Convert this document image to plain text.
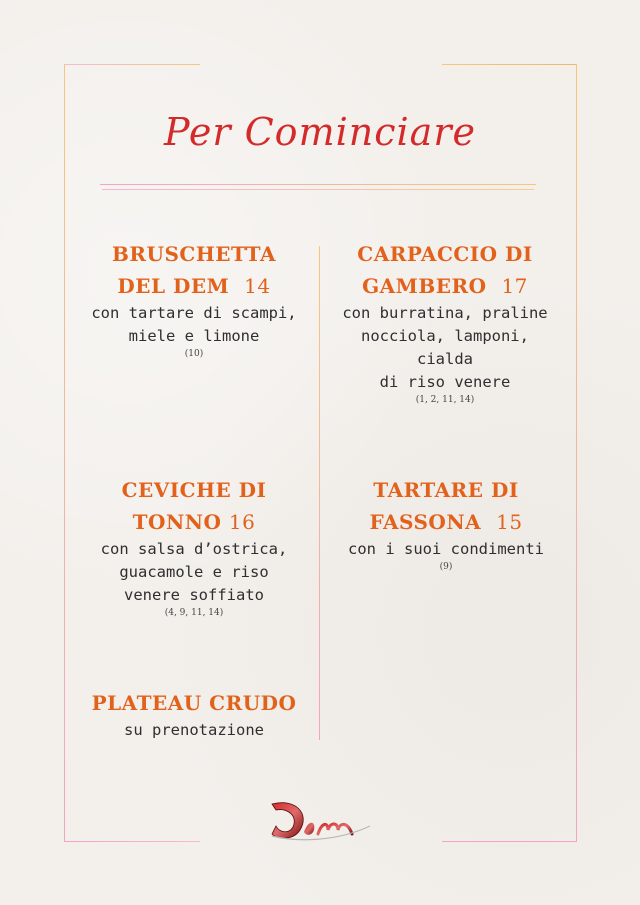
Per Cominciare
BRUSCHETTA
DEL DEM 14
con tartare di scampi,
miele e limone
(10)
CARPACCIO DI
GAMBERO 17
con burratina, praline
nocciola, lamponi, cialda
di riso venere
(1, 2, 11, 14)
CEVICHE DI
TONNO 16
con salsa d’ostrica,
guacamole e riso
venere soffiato
(4, 9, 11, 14)
TARTARE DI
FASSONA 15
con i suoi condimenti
(9)
PLATEAU CRUDO
su prenotazione
